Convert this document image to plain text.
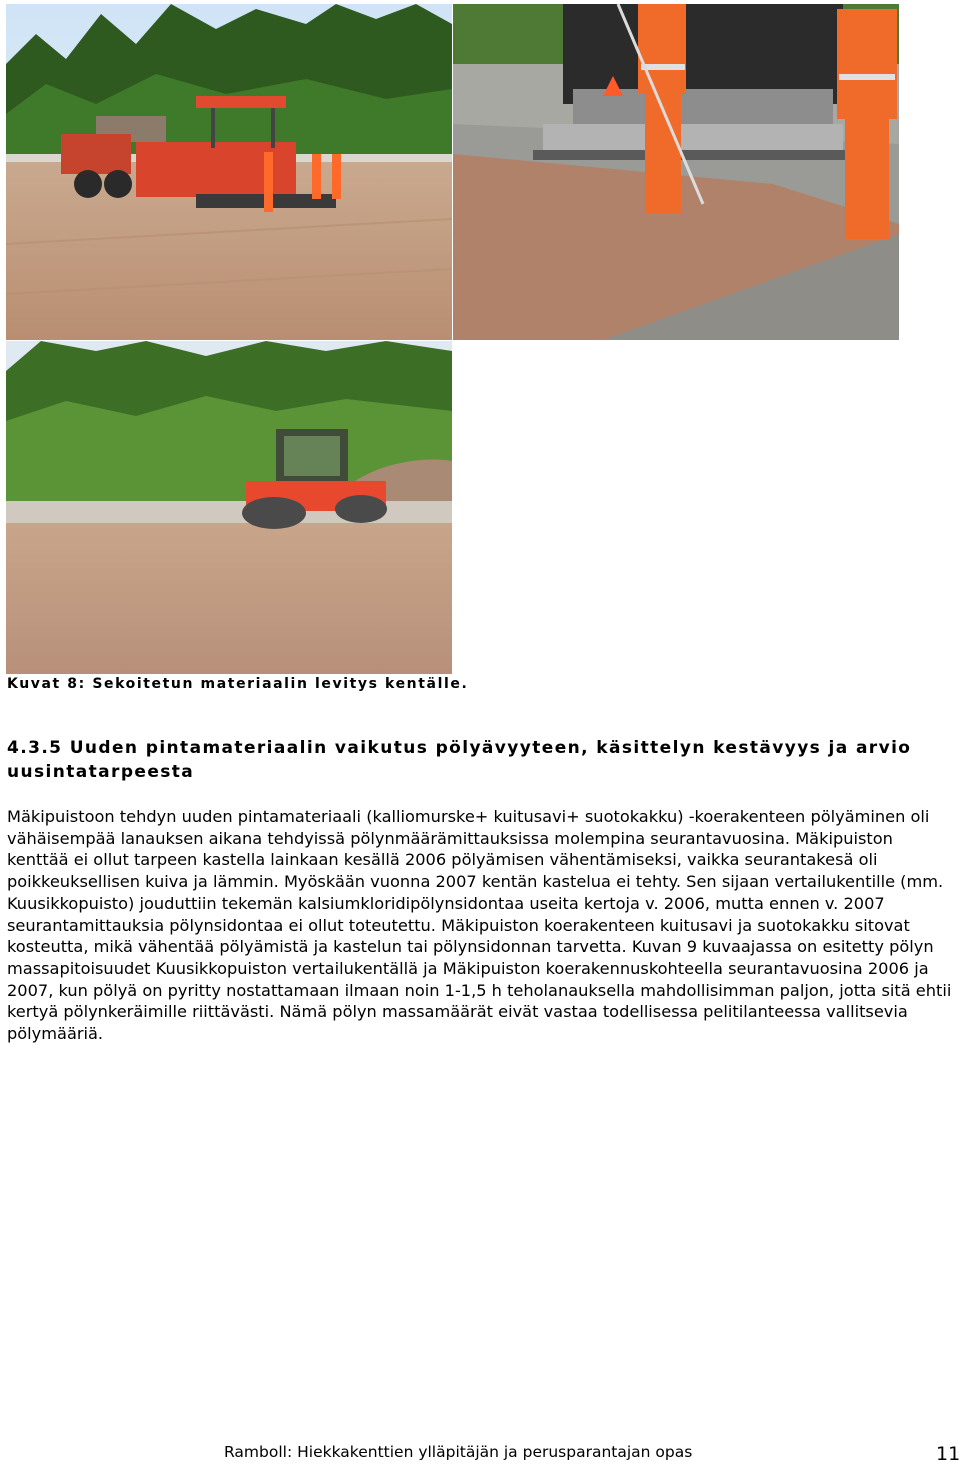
Kuvat 8: Sekoitetun materiaalin levitys kentälle.
4.3.5 Uuden pintamateriaalin vaikutus pölyävyyteen, käsittelyn kestävyys ja arvio uusintatarpeesta
Mäkipuistoon tehdyn uuden pintamateriaali (kalliomurske+ kuitusavi+ suotokakku) -koerakenteen pölyäminen oli vähäisempää lanauksen aikana tehdyissä pölynmäärämittauksissa molempina seurantavuosina. Mäkipuiston kenttää ei ollut tarpeen kastella lainkaan kesällä 2006 pölyämisen vähentämiseksi, vaikka seurantakesä oli poikkeuksellisen kuiva ja lämmin. Myöskään vuonna 2007 kentän kastelua ei tehty. Sen sijaan vertailukentille (mm. Kuusikkopuisto) jouduttiin tekemän kalsiumkloridipölynsidontaa useita kertoja v. 2006, mutta ennen v. 2007 seurantamittauksia pölynsidontaa ei ollut toteutettu. Mäkipuiston koerakenteen kuitusavi ja suotokakku sitovat kosteutta, mikä vähentää pölyämistä ja kastelun tai pölynsidonnan tarvetta. Kuvan 9 kuvaajassa on esitetty pölyn massapitoisuudet Kuusikkopuiston vertailukentällä ja Mäkipuiston koerakennuskohteella seurantavuosina 2006 ja 2007, kun pölyä on pyritty nostattamaan ilmaan noin 1-1,5 h teholanauksella mahdollisimman paljon, jotta sitä ehtii kertyä pölynkeräimille riittävästi. Nämä pölyn massamäärät eivät vastaa todellisessa pelitilanteessa vallitsevia pölymääriä.
Ramboll: Hiekkakenttien ylläpitäjän ja perusparantajan opas	11
